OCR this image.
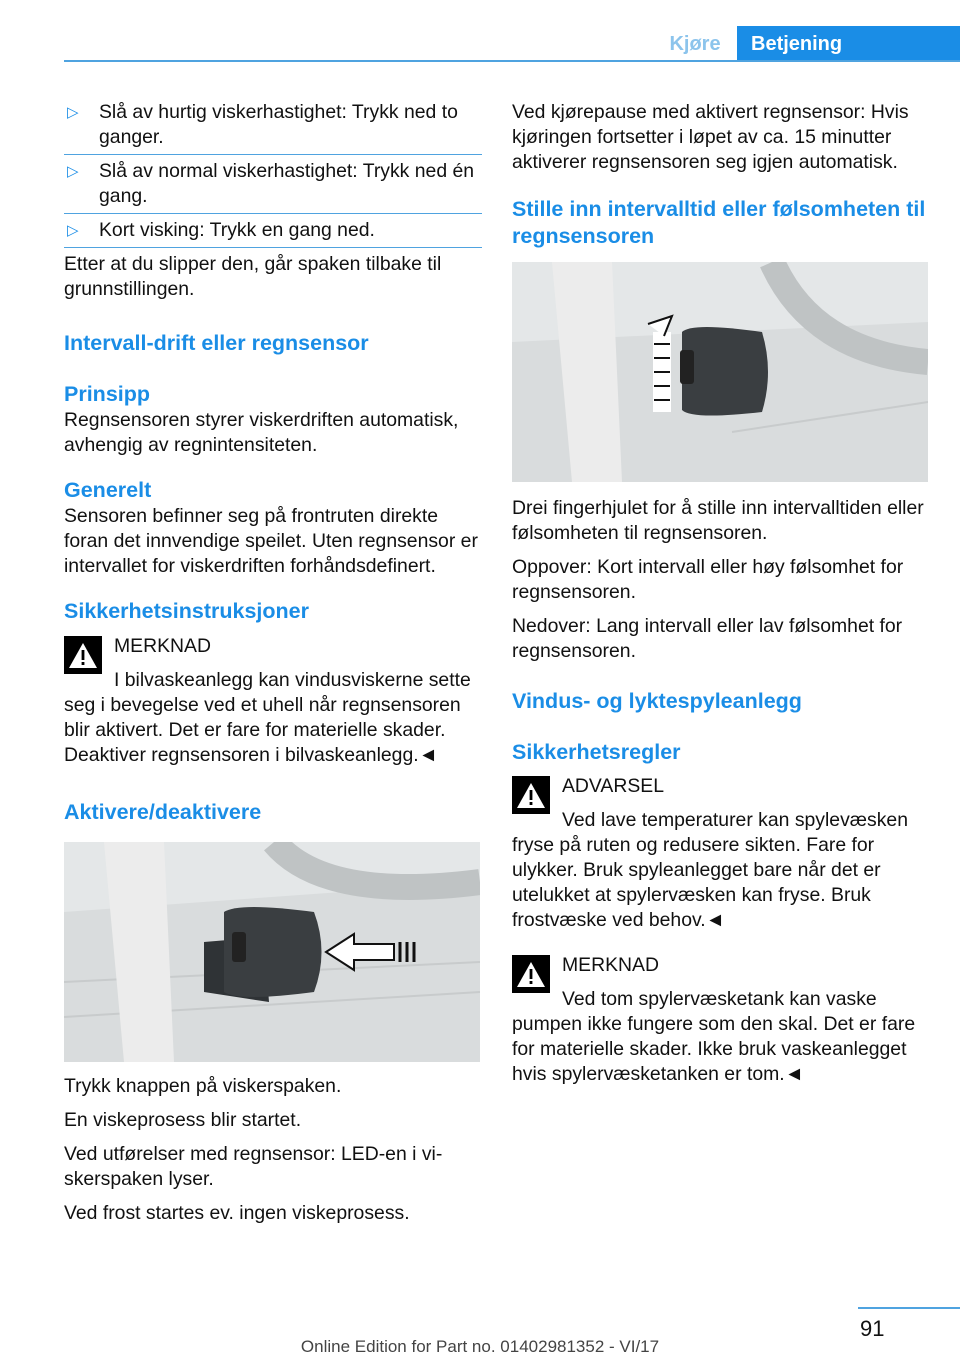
Kjøre	Betjening
▷ Slå av hurtig viskerhastighet: Trykk ned to ganger.
▷ Slå av normal viskerhastighet: Trykk ned én gang.
▷ Kort visking: Trykk en gang ned.

Etter at du slipper den, går spaken tilbake til grunnstillingen.

Intervall-drift eller regnsensor
Prinsipp

Regnsensoren styrer viskerdriften automatisk, avhengig av regnintensiteten.

Generelt

Sensoren befinner seg på frontruten direkte foran det innvendige speilet. Uten regnsensor er intervallet for viskerdriften forhåndsdefinert.

Sikkerhetsinstruksjoner
MERKNAD
I bilvaskeanlegg kan vindusviskerne sette

seg i bevegelse ved et uhell når regnsensoren blir aktivert. Det er fare for materielle skader. Deaktiver regnsensoren i bilvaskeanlegg.◄

Aktivere/deaktivere

Trykk knappen på viskerspaken.

En viskeprosess blir startet.

Ved utførelser med regnsensor: LED-en i viskerspaken lyser.

Ved frost startes ev. ingen viskeprosess.

Ved kjørepause med aktivert regnsensor: Hvis kjøringen fortsetter i løpet av ca. 15 minutter aktiverer regnsensoren seg igjen automatisk.

Stille inn intervalltid eller følsomheten til regnsensoren

Drei fingerhjulet for å stille inn intervalltiden eller følsomheten til regnsensoren.

Oppover: Kort intervall eller høy følsomhet for regnsensoren.

Nedover: Lang intervall eller lav følsomhet for regnsensoren.

Vindus- og lyktespyleanlegg
Sikkerhetsregler
ADVARSEL
Ved lave temperaturer kan spylevæsken

fryse på ruten og redusere sikten. Fare for ulykker. Bruk spyleanlegget bare når det er utelukket at spylervæsken kan fryse. Bruk frostvæske ved behov.◄

MERKNAD
Ved tom spylervæsketank kan vaske

pumpen ikke fungere som den skal. Det er fare for materielle skader. Ikke bruk vaskeanlegget hvis spylervæsketanken er tom.◄

91
Online Edition for Part no. 01402981352 - VI/17
